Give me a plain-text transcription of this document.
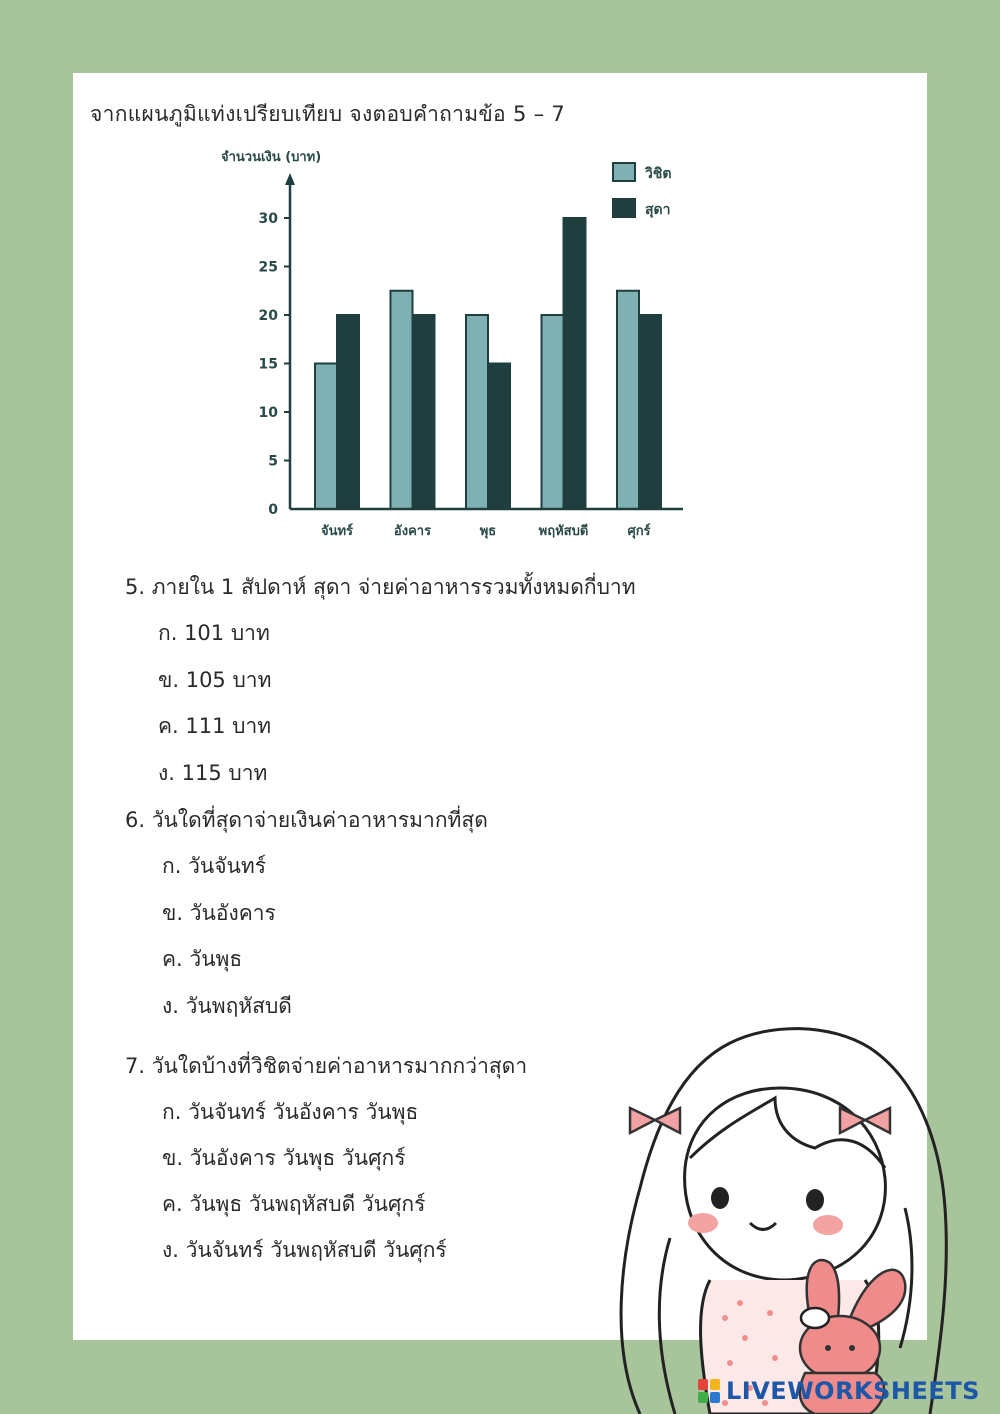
จากแผนภูมิแท่งเปรียบเทียบ จงตอบคำถามข้อ 5 – 7
จำนวนเงิน (บาท)
0
5
10
15
20
25
30
จันทร์	อังคาร	พุธ	พฤหัสบดี	ศุกร์
วิชิต
สุดา
5. ภายใน 1 สัปดาห์ สุดา จ่ายค่าอาหารรวมทั้งหมดกี่บาท
ก. 101 บาท
ข. 105 บาท
ค. 111 บาท
ง. 115 บาท
6. วันใดที่สุดาจ่ายเงินค่าอาหารมากที่สุด
ก. วันจันทร์
ข. วันอังคาร
ค. วันพุธ
ง. วันพฤหัสบดี
7. วันใดบ้างที่วิชิตจ่ายค่าอาหารมากกว่าสุดา
ก. วันจันทร์ วันอังคาร วันพุธ
ข. วันอังคาร วันพุธ วันศุกร์
ค. วันพุธ วันพฤหัสบดี วันศุกร์
ง. วันจันทร์ วันพฤหัสบดี วันศุกร์
LIVEWORKSHEETS
